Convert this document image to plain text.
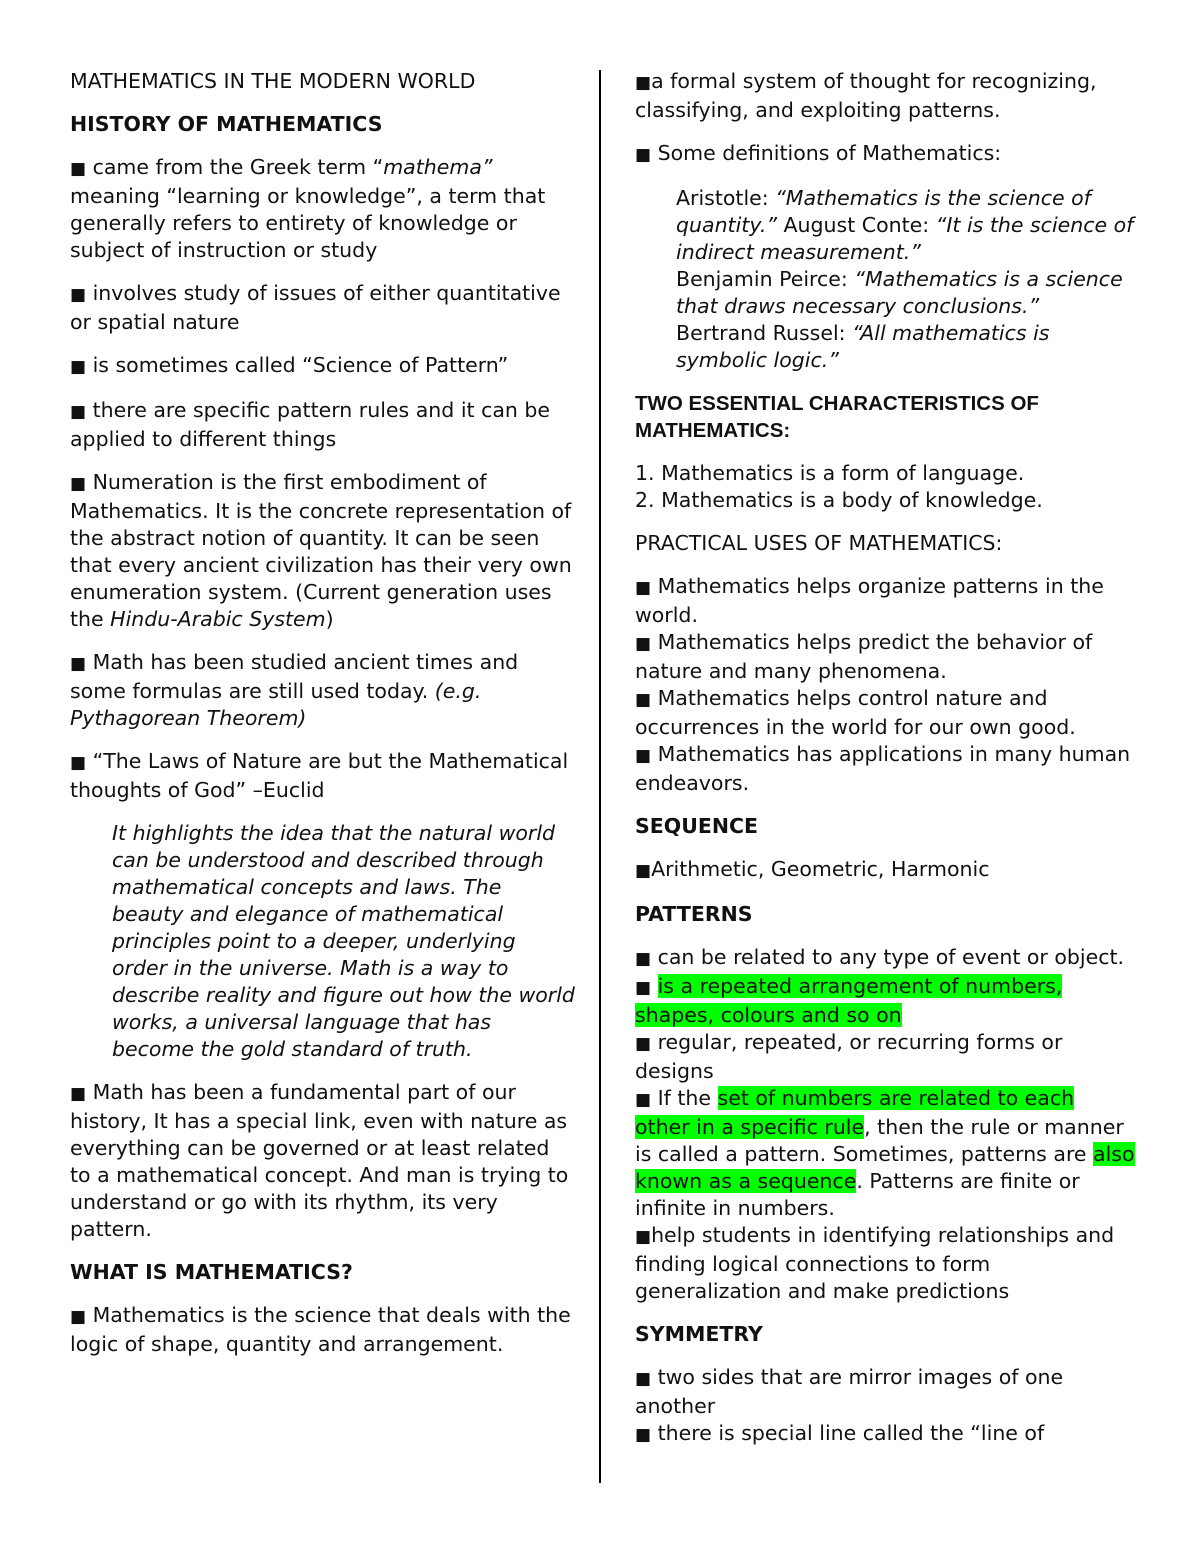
MATHEMATICS IN THE MODERN WORLD

HISTORY OF MATHEMATICS

■ came from the Greek term “mathema” meaning “learning or knowledge”, a term that generally refers to entirety of knowledge or subject of instruction or study

■ involves study of issues of either quantitative or spatial nature

■ is sometimes called “Science of Pattern”

■ there are specific pattern rules and it can be applied to different things

■ Numeration is the first embodiment of Mathematics. It is the concrete representation of the abstract notion of quantity. It can be seen that every ancient civilization has their very own enumeration system. (Current generation uses the Hindu-Arabic System)

■ Math has been studied ancient times and some formulas are still used today. (e.g. Pythagorean Theorem)

■ “The Laws of Nature are but the Mathematical thoughts of God” –Euclid

It highlights the idea that the natural world can be understood and described through mathematical concepts and laws. The beauty and elegance of mathematical principles point to a deeper, underlying order in the universe. Math is a way to describe reality and figure out how the world works, a universal language that has become the gold standard of truth.

■ Math has been a fundamental part of our history, It has a special link, even with nature as everything can be governed or at least related to a mathematical concept. And man is trying to understand or go with its rhythm, its very pattern.

WHAT IS MATHEMATICS?

■ Mathematics is the science that deals with the logic of shape, quantity and arrangement.

■a formal system of thought for recognizing, classifying, and exploiting patterns.

■ Some definitions of Mathematics:

Aristotle: “Mathematics is the science of quantity.” August Conte: “It is the science of indirect measurement.”
Benjamin Peirce: “Mathematics is a science that draws necessary conclusions.”
Bertrand Russel: “All mathematics is symbolic logic.”

TWO ESSENTIAL CHARACTERISTICS OF MATHEMATICS:

1. Mathematics is a form of language.
2. Mathematics is a body of knowledge.

PRACTICAL USES OF MATHEMATICS:

■ Mathematics helps organize patterns in the world.
■ Mathematics helps predict the behavior of nature and many phenomena.
■ Mathematics helps control nature and occurrences in the world for our own good.
■ Mathematics has applications in many human endeavors.

SEQUENCE

■Arithmetic, Geometric, Harmonic

PATTERNS

■ can be related to any type of event or object.
■ is a repeated arrangement of numbers, shapes, colours and so on
■ regular, repeated, or recurring forms or designs
■ If the set of numbers are related to each other in a specific rule, then the rule or manner is called a pattern. Sometimes, patterns are also known as a sequence. Patterns are finite or infinite in numbers.
■help students in identifying relationships and finding logical connections to form generalization and make predictions

SYMMETRY

■ two sides that are mirror images of one another
■ there is special line called the “line of
